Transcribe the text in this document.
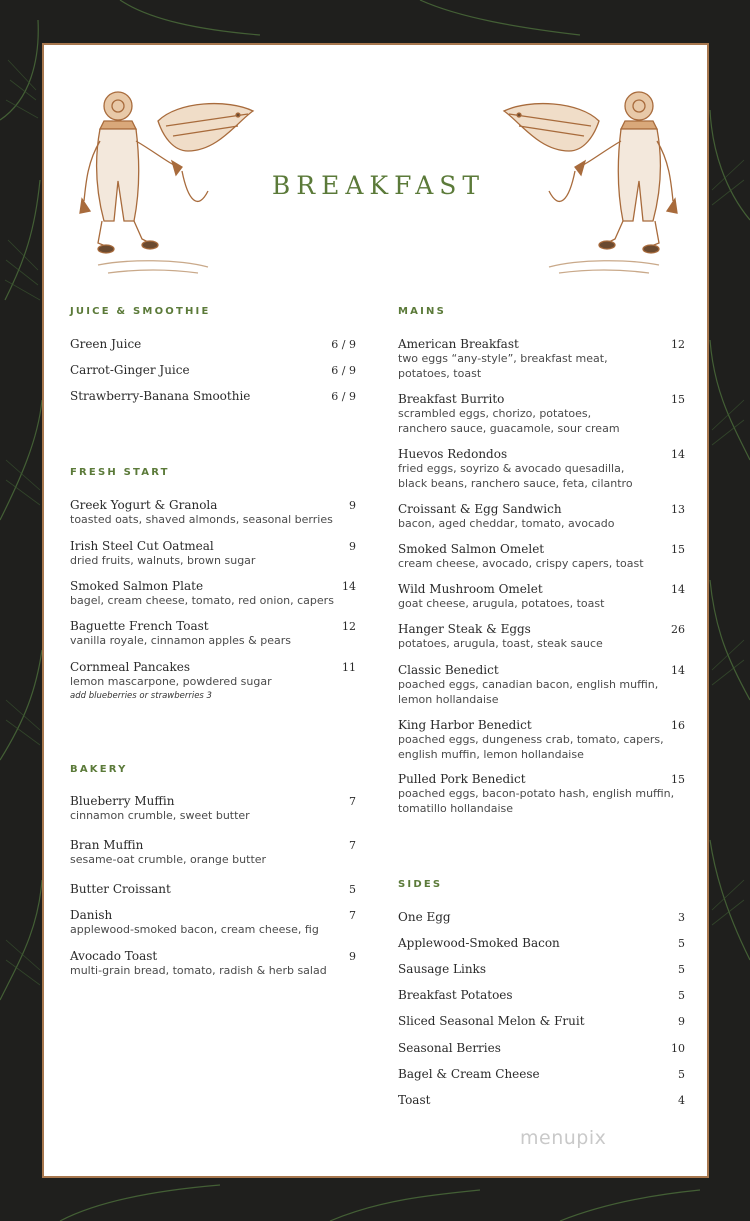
BREAKFAST
JUICE & SMOOTHIE
Green Juice	6 / 9
Carrot-Ginger Juice	6 / 9
Strawberry-Banana Smoothie	6 / 9
FRESH START
Greek Yogurt & Granola
toasted oats, shaved almonds, seasonal berries
9
Irish Steel Cut Oatmeal
dried fruits, walnuts, brown sugar
9
Smoked Salmon Plate
bagel, cream cheese, tomato, red onion, capers
14
Baguette French Toast
vanilla royale, cinnamon apples & pears
12
Cornmeal Pancakes
lemon mascarpone, powdered sugar
add blueberries or strawberries 3
11
BAKERY
Blueberry Muffin
cinnamon crumble, sweet butter
7
Bran Muffin
sesame-oat crumble, orange butter
7
Butter Croissant	5
Danish
applewood-smoked bacon, cream cheese, fig
7
Avocado Toast
multi-grain bread, tomato, radish & herb salad
9
MAINS
American Breakfast
two eggs “any-style”, breakfast meat,
potatoes, toast
12
Breakfast Burrito
scrambled eggs, chorizo, potatoes,
ranchero sauce, guacamole, sour cream
15
Huevos Redondos
fried eggs, soyrizo & avocado quesadilla,
black beans, ranchero sauce, feta, cilantro
14
Croissant & Egg Sandwich
bacon, aged cheddar, tomato, avocado
13
Smoked Salmon Omelet
cream cheese, avocado, crispy capers, toast
15
Wild Mushroom Omelet
goat cheese, arugula, potatoes, toast
14
Hanger Steak & Eggs
potatoes, arugula, toast, steak sauce
26
Classic Benedict
poached eggs, canadian bacon, english muffin,
lemon hollandaise
14
King Harbor Benedict
poached eggs, dungeness crab, tomato, capers,
english muffin, lemon hollandaise
16
Pulled Pork Benedict
poached eggs, bacon-potato hash, english muffin,
tomatillo hollandaise
15
SIDES
One Egg	3
Applewood-Smoked Bacon	5
Sausage Links	5
Breakfast Potatoes	5
Sliced Seasonal Melon & Fruit	9
Seasonal Berries	10
Bagel & Cream Cheese	5
Toast	4
menupix
